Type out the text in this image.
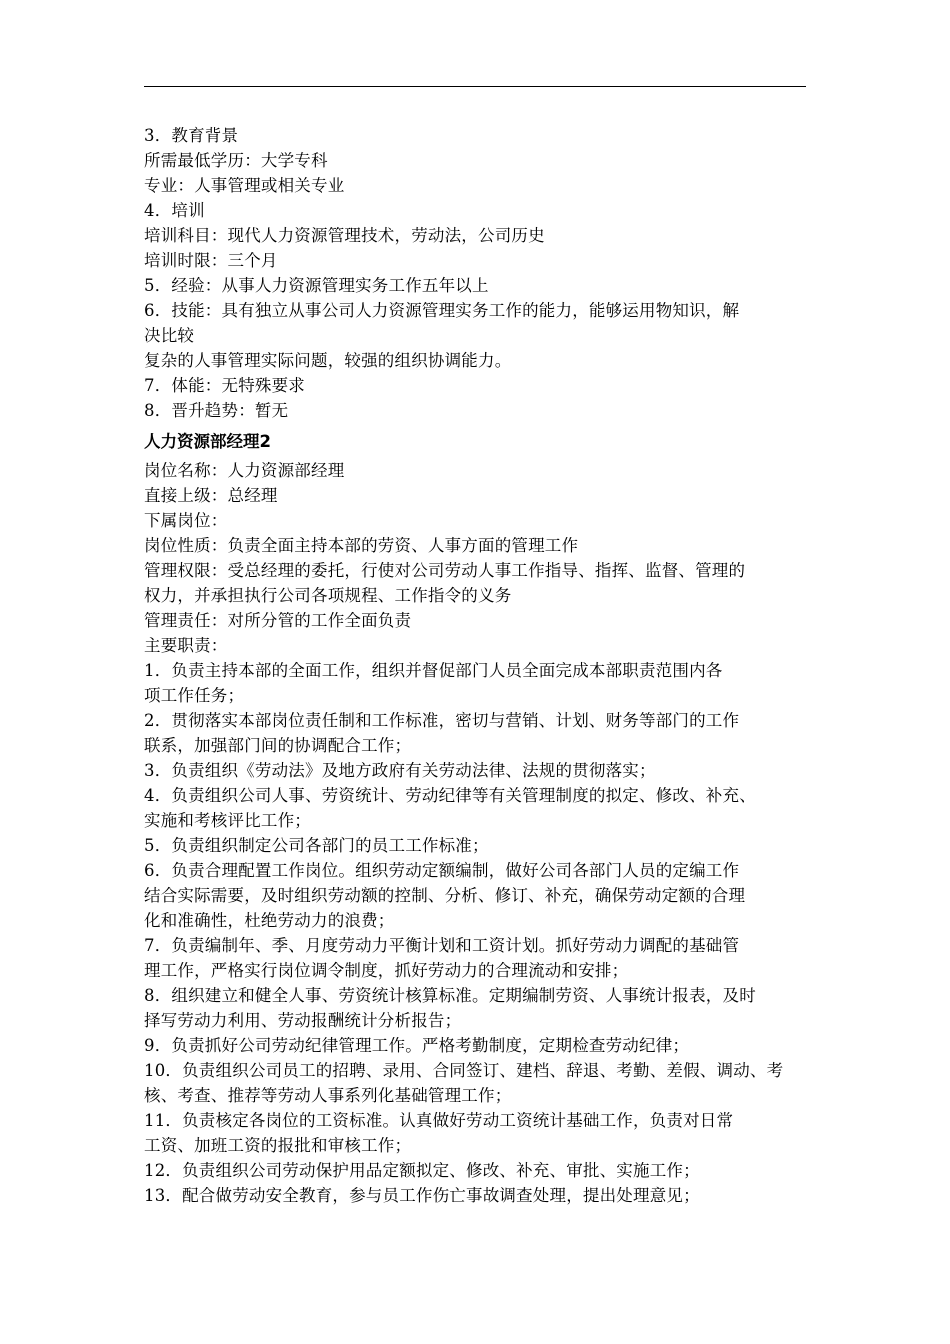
3．教育背景
所需最低学历：大学专科
专业：人事管理或相关专业
4．培训
培训科目：现代人力资源管理技术，劳动法，公司历史
培训时限：三个月
5．经验：从事人力资源管理实务工作五年以上
6．技能：具有独立从事公司人力资源管理实务工作的能力，能够运用物知识，解
决比较
复杂的人事管理实际问题，较强的组织协调能力。
7．体能：无特殊要求
8．晋升趋势：暂无
人力资源部经理2
岗位名称：人力资源部经理
直接上级：总经理
下属岗位：
岗位性质：负责全面主持本部的劳资、人事方面的管理工作
管理权限：受总经理的委托，行使对公司劳动人事工作指导、指挥、监督、管理的
权力，并承担执行公司各项规程、工作指令的义务
管理责任：对所分管的工作全面负责
主要职责：
1．负责主持本部的全面工作，组织并督促部门人员全面完成本部职责范围内各
项工作任务；
2．贯彻落实本部岗位责任制和工作标准，密切与营销、计划、财务等部门的工作
联系，加强部门间的协调配合工作；
3．负责组织《劳动法》及地方政府有关劳动法律、法规的贯彻落实；
4．负责组织公司人事、劳资统计、劳动纪律等有关管理制度的拟定、修改、补充、
实施和考核评比工作；
5．负责组织制定公司各部门的员工工作标准；
6．负责合理配置工作岗位。组织劳动定额编制，做好公司各部门人员的定编工作
结合实际需要，及时组织劳动额的控制、分析、修订、补充，确保劳动定额的合理
化和准确性，杜绝劳动力的浪费；
7．负责编制年、季、月度劳动力平衡计划和工资计划。抓好劳动力调配的基础管
理工作，严格实行岗位调令制度，抓好劳动力的合理流动和安排；
8．组织建立和健全人事、劳资统计核算标准。定期编制劳资、人事统计报表，及时
择写劳动力利用、劳动报酬统计分析报告；
9．负责抓好公司劳动纪律管理工作。严格考勤制度，定期检查劳动纪律；
10．负责组织公司员工的招聘、录用、合同签订、建档、辞退、考勤、差假、调动、考
核、考查、推荐等劳动人事系列化基础管理工作；
11．负责核定各岗位的工资标准。认真做好劳动工资统计基础工作，负责对日常
工资、加班工资的报批和审核工作；
12．负责组织公司劳动保护用品定额拟定、修改、补充、审批、实施工作；
13．配合做劳动安全教育，参与员工作伤亡事故调查处理，提出处理意见；
